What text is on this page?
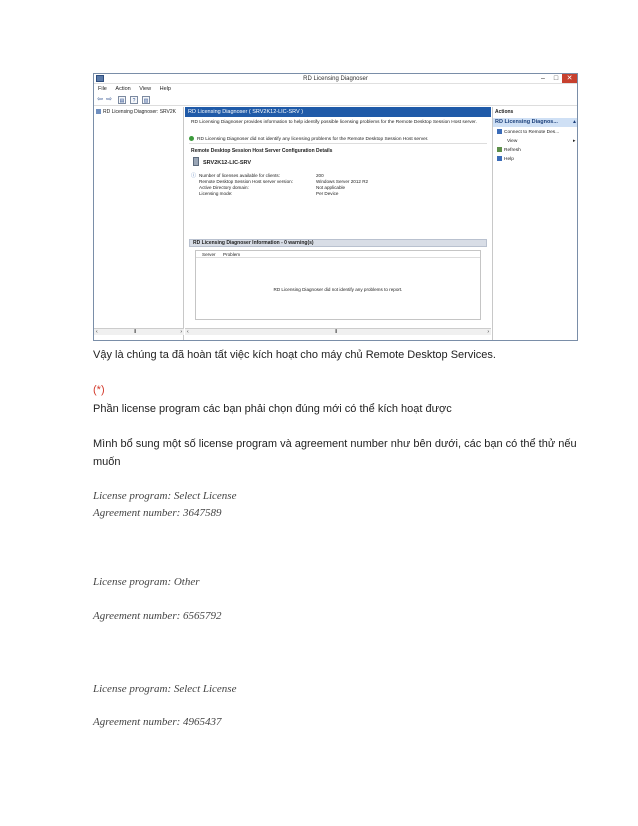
RD Licensing Diagnoser	–	□	✕
File Action View Help
⇦ ⇨	▤	?	▥
RD Licensing Diagnoser: SRV2K
‹	⦀	›
RD Licensing Diagnoser ( SRV2K12-LIC-SRV )
RD Licensing Diagnoser provides information to help identify possible licensing problems for the Remote Desktop Session Host server.
RD Licensing Diagnoser did not identify any licensing problems for the Remote Desktop Session Host server.
Remote Desktop Session Host Server Configuration Details
SRV2K12-LIC-SRV
ⓘ Number of licenses available for clients:	200
Remote Desktop Session Host server version:	Windows Server 2012 R2
Active Directory domain:	Not applicable
Licensing mode:	Per Device
RD Licensing Diagnoser Information - 0 warning(s)
Server Problem
RD Licensing Diagnoser did not identify any problems to report.
‹	⦀	›
Actions
RD Licensing Diagnos...	▲
Connect to Remote Des...
View	▸
Refresh
Help
Vậy là chúng ta đã hoàn tất việc kích hoạt cho máy chủ Remote Desktop Services.
(*)
Phần license program các bạn phải chọn đúng mới có thể kích hoạt được
Mình bổ sung một số license program và agreement number như bên dưới, các bạn có thể thử nếu
muốn
License program: Select License
Agreement number: 3647589
License program: Other
Agreement number: 6565792
License program: Select License
Agreement number: 4965437
